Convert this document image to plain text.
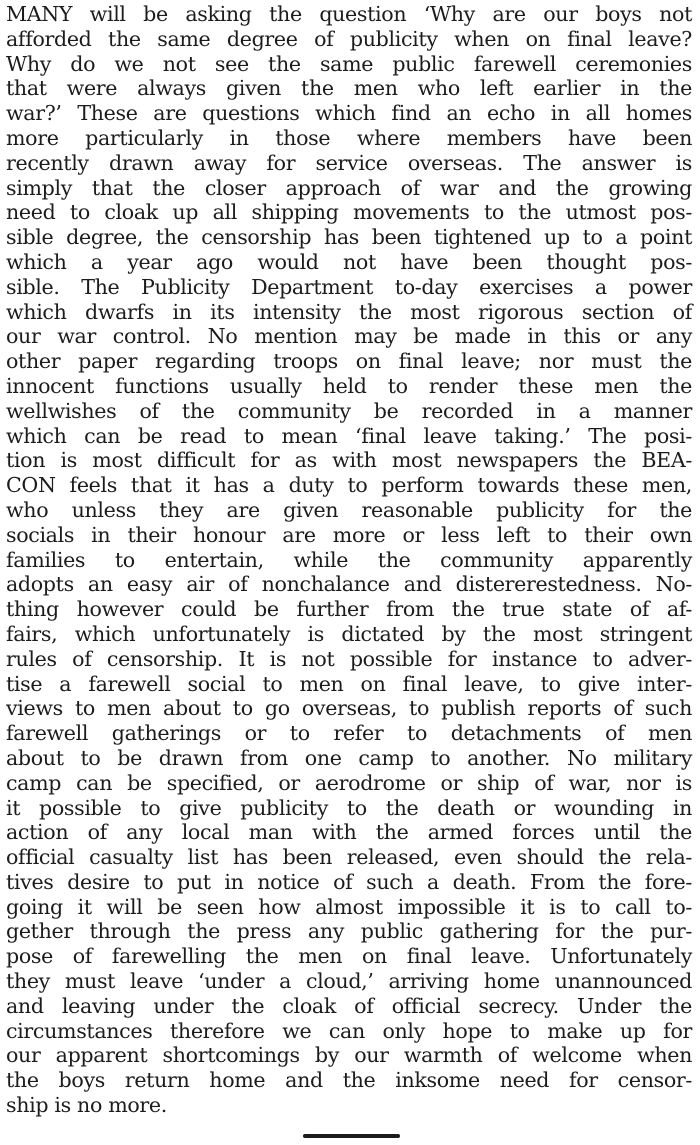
MANY will be asking the question ‘Why are our boys not
afforded the same degree of publicity when on final leave?
Why do we not see the same public farewell ceremonies
that were always given the men who left earlier in the
war?’ These are questions which find an echo in all homes
more particularly in those where members have been
recently drawn away for service overseas. The answer is
simply that the closer approach of war and the growing
need to cloak up all shipping movements to the utmost pos-
sible degree, the censorship has been tightened up to a point
which a year ago would not have been thought pos-
sible. The Publicity Department to-day exercises a power
which dwarfs in its intensity the most rigorous section of
our war control. No mention may be made in this or any
other paper regarding troops on final leave; nor must the
innocent functions usually held to render these men the
wellwishes of the community be recorded in a manner
which can be read to mean ‘final leave taking.’ The posi-
tion is most difficult for as with most newspapers the BEA-
CON feels that it has a duty to perform towards these men,
who unless they are given reasonable publicity for the
socials in their honour are more or less left to their own
families to entertain, while the community apparently
adopts an easy air of nonchalance and distererestedness. No-
thing however could be further from the true state of af-
fairs, which unfortunately is dictated by the most stringent
rules of censorship. It is not possible for instance to adver-
tise a farewell social to men on final leave, to give inter-
views to men about to go overseas, to publish reports of such
farewell gatherings or to refer to detachments of men
about to be drawn from one camp to another. No military
camp can be specified, or aerodrome or ship of war, nor is
it possible to give publicity to the death or wounding in
action of any local man with the armed forces until the
official casualty list has been released, even should the rela-
tives desire to put in notice of such a death. From the fore-
going it will be seen how almost impossible it is to call to-
gether through the press any public gathering for the pur-
pose of farewelling the men on final leave. Unfortunately
they must leave ‘under a cloud,’ arriving home unannounced
and leaving under the cloak of official secrecy. Under the
circumstances therefore we can only hope to make up for
our apparent shortcomings by our warmth of welcome when
the boys return home and the inksome need for censor-
ship is no more.
